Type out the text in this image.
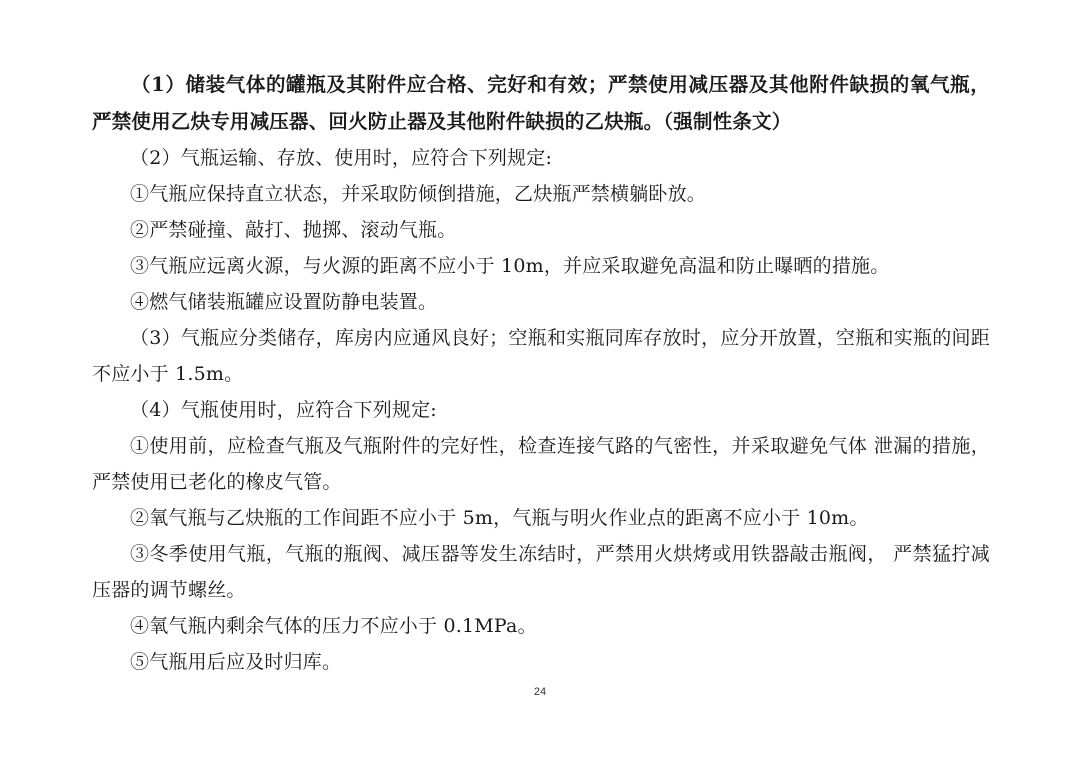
（1）储装气体的罐瓶及其附件应合格、完好和有效；严禁使用减压器及其他附件缺损的氧气瓶，严禁使用乙炔专用减压器、回火防止器及其他附件缺损的乙炔瓶。（强制性条文）

（2）气瓶运输、存放、使用时，应符合下列规定:

①气瓶应保持直立状态，并采取防倾倒措施，乙炔瓶严禁横躺卧放。

②严禁碰撞、敲打、抛掷、滚动气瓶。

③气瓶应远离火源，与火源的距离不应小于 10m，并应采取避免高温和防止曝晒的措施。

④燃气储装瓶罐应设置防静电装置。

（3）气瓶应分类储存，库房内应通风良好；空瓶和实瓶同库存放时，应分开放置，空瓶和实瓶的间距不应小于 1.5m。

（4）气瓶使用时，应符合下列规定:

①使用前，应检查气瓶及气瓶附件的完好性，检查连接气路的气密性，并采取避免气体 泄漏的措施，严禁使用已老化的橡皮气管。

②氧气瓶与乙炔瓶的工作间距不应小于 5m，气瓶与明火作业点的距离不应小于 10m。

③冬季使用气瓶，气瓶的瓶阀、减压器等发生冻结时，严禁用火烘烤或用铁器敲击瓶阀， 严禁猛拧减压器的调节螺丝。

④氧气瓶内剩余气体的压力不应小于 0.1MPa。

⑤气瓶用后应及时归库。

24
